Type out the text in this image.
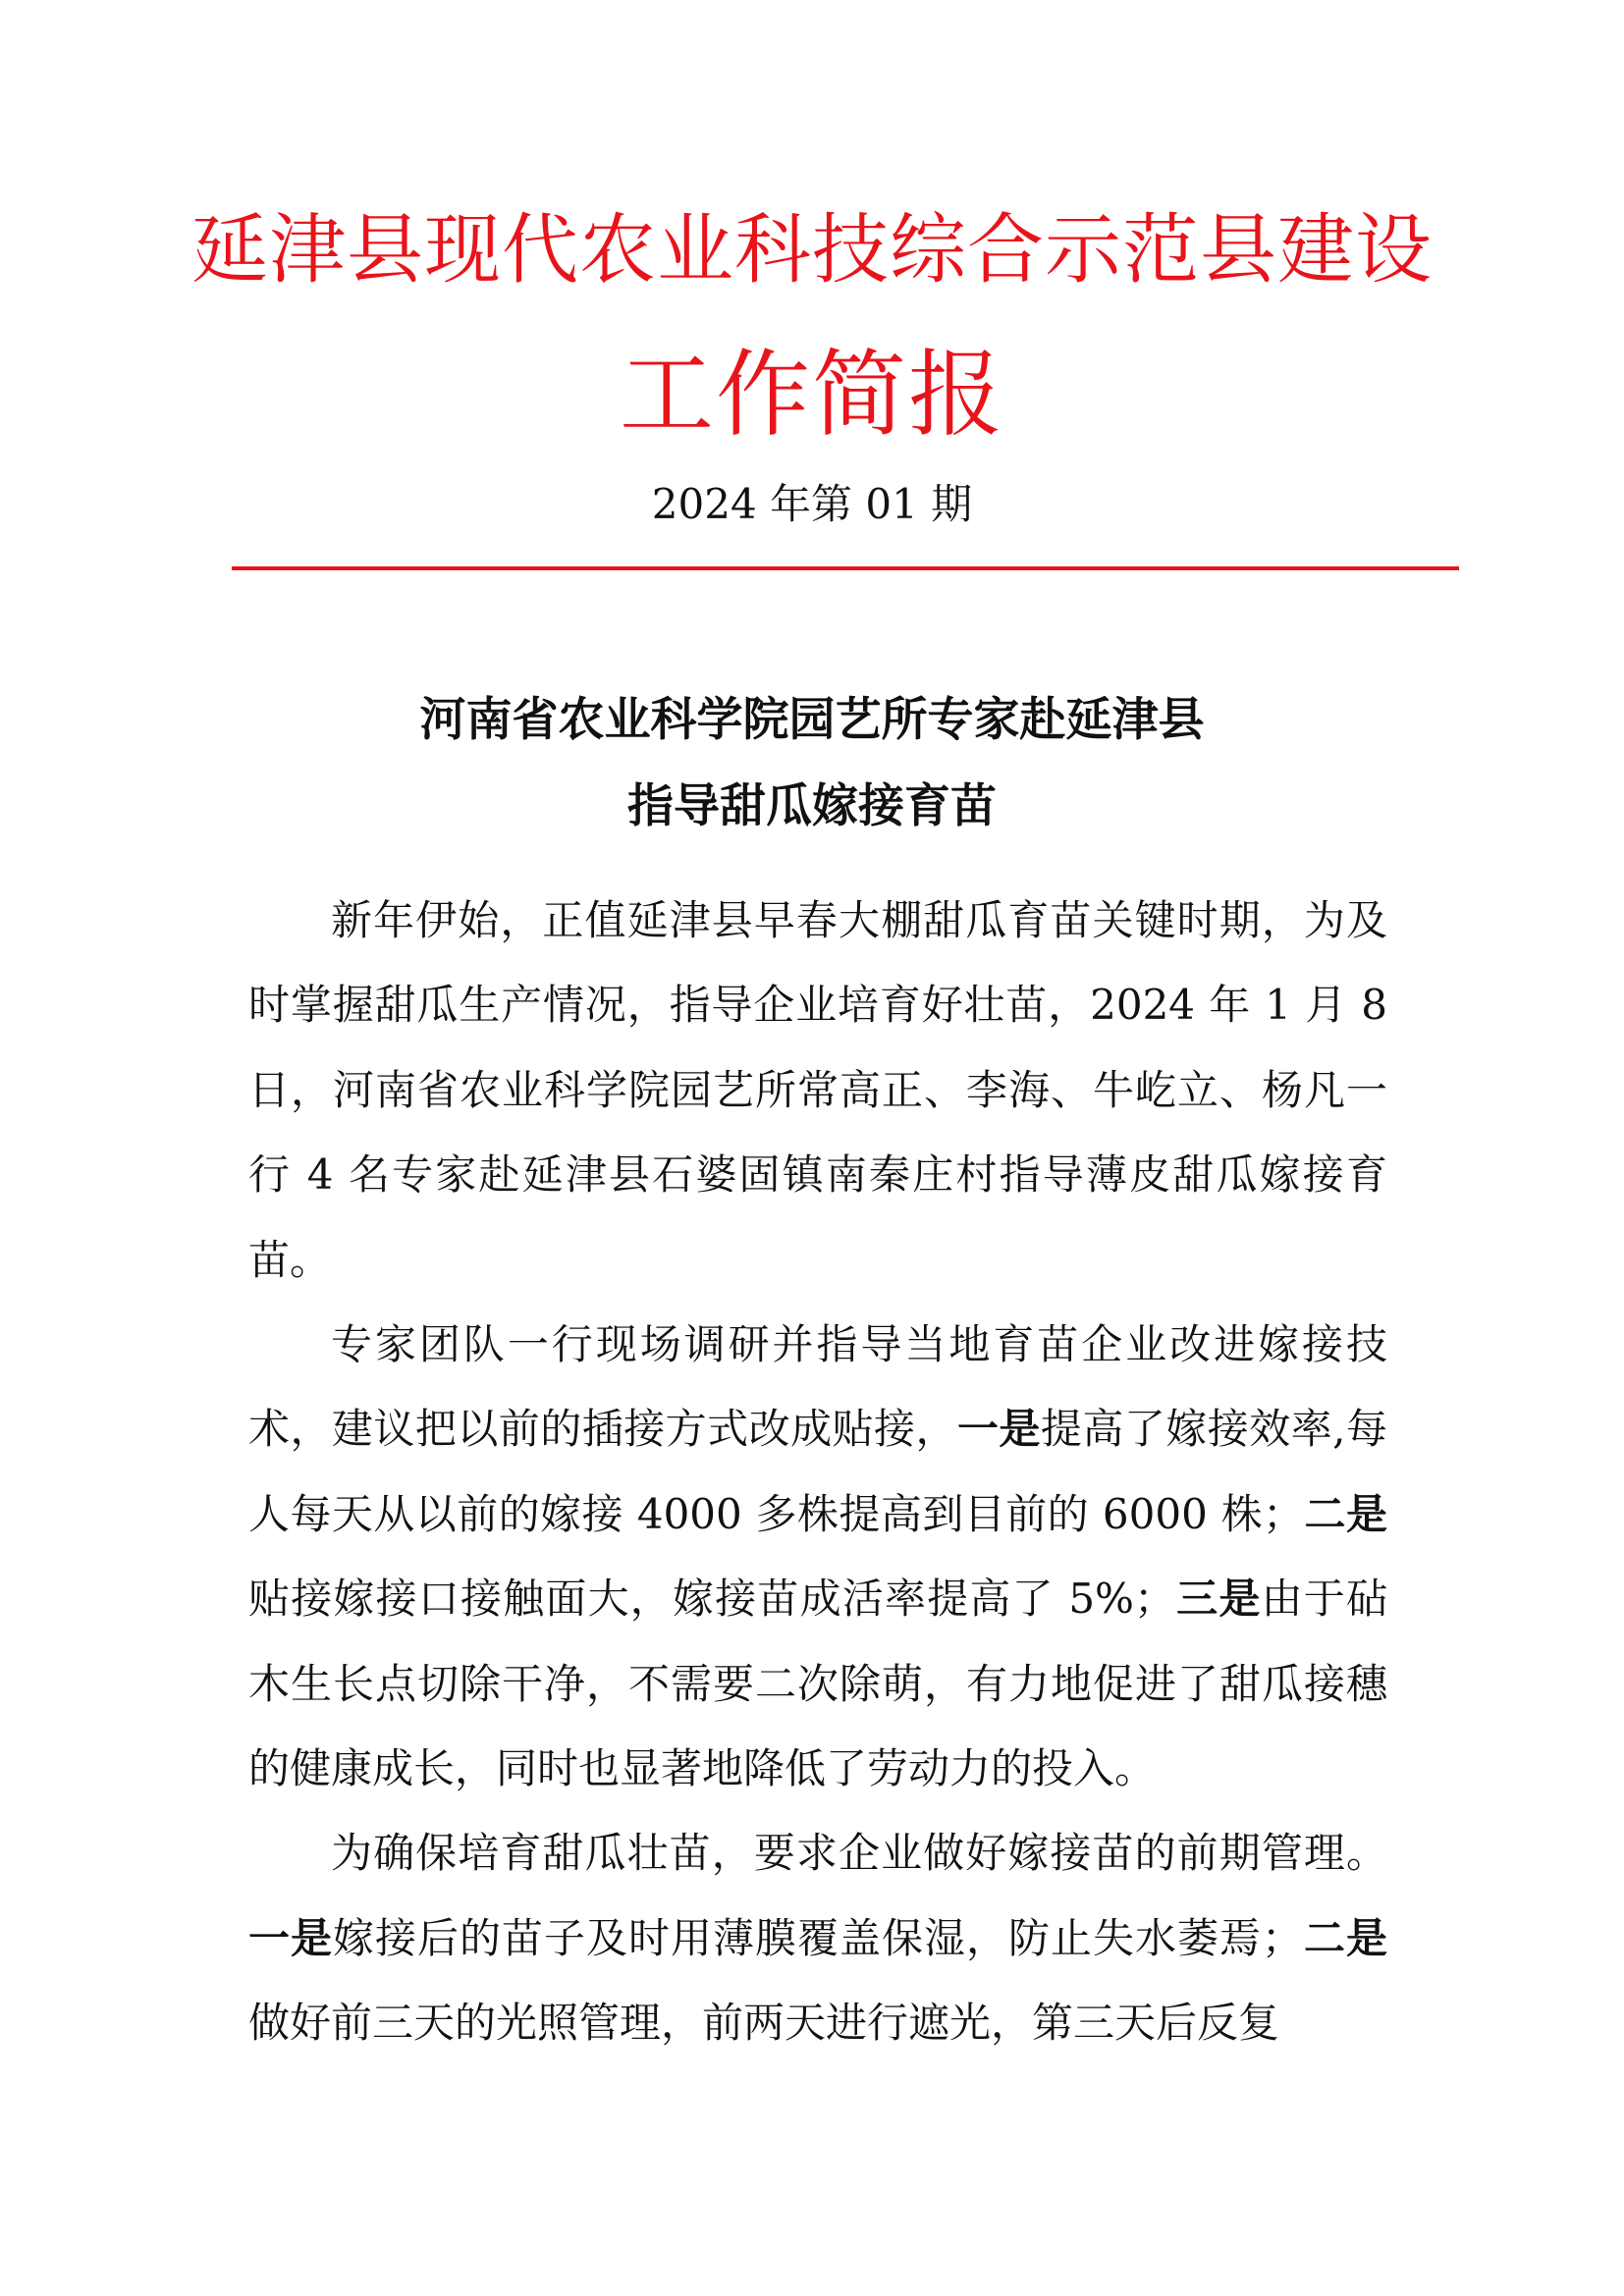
延津县现代农业科技综合示范县建设
工作简报
2024 年第 01 期
河南省农业科学院园艺所专家赴延津县
指导甜瓜嫁接育苗

新年伊始，正值延津县早春大棚甜瓜育苗关键时期，为及时掌握甜瓜生产情况，指导企业培育好壮苗，2024 年 1 月 8 日，河南省农业科学院园艺所常高正、李海、牛屹立、杨凡一行 4 名专家赴延津县石婆固镇南秦庄村指导薄皮甜瓜嫁接育苗。

专家团队一行现场调研并指导当地育苗企业改进嫁接技术，建议把以前的插接方式改成贴接，一是提高了嫁接效率,每人每天从以前的嫁接 4000 多株提高到目前的 6000 株；二是贴接嫁接口接触面大，嫁接苗成活率提高了 5%；三是由于砧木生长点切除干净，不需要二次除萌，有力地促进了甜瓜接穗的健康成长，同时也显著地降低了劳动力的投入。

为确保培育甜瓜壮苗，要求企业做好嫁接苗的前期管理。一是嫁接后的苗子及时用薄膜覆盖保湿，防止失水萎焉；二是做好前三天的光照管理，前两天进行遮光，第三天后反复
